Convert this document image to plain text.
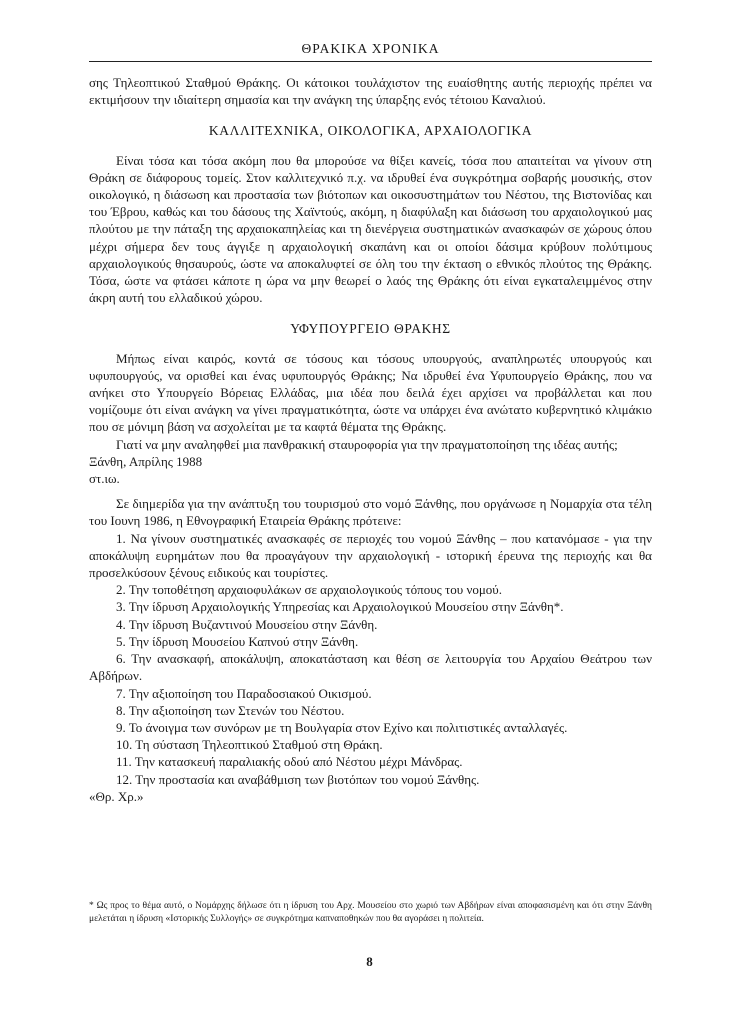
ΘΡΑΚΙΚΑ ΧΡΟΝΙΚΑ

σης Τηλεοπτικού Σταθμού Θράκης. Οι κάτοικοι τουλάχιστον της ευαίσθητης αυτής περιοχής πρέπει να εκτιμήσουν την ιδιαίτερη σημασία και την ανάγκη της ύπαρξης ενός τέτοιου Καναλιού.

ΚΑΛΛΙΤΕΧΝΙΚΑ, ΟΙΚΟΛΟΓΙΚΑ, ΑΡΧΑΙΟΛΟΓΙΚΑ

Είναι τόσα και τόσα ακόμη που θα μπορούσε να θίξει κανείς, τόσα που απαιτείται να γίνουν στη Θράκη σε διάφορους τομείς. Στον καλλιτεχνικό π.χ. να ιδρυθεί ένα συγκρότημα σοβαρής μουσικής, στον οικολογικό, η διάσωση και προστασία των βιότοπων και οικοσυστημάτων του Νέστου, της Βιστονίδας και του Έβρου, καθώς και του δάσους της Χαϊντούς, ακόμη, η διαφύλαξη και διάσωση του αρχαιολογικού μας πλούτου με την πάταξη της αρχαιοκαπηλείας και τη διενέργεια συστηματικών ανασκαφών σε χώρους όπου μέχρι σήμερα δεν τους άγγιξε η αρχαιολογική σκαπάνη και οι οποίοι δάσιμα κρύβουν πολύτιμους αρχαιολογικούς θησαυρούς, ώστε να αποκαλυφτεί σε όλη του την έκταση ο εθνικός πλούτος της Θράκης. Τόσα, ώστε να φτάσει κάποτε η ώρα να μην θεωρεί ο λαός της Θράκης ότι είναι εγκαταλειμμένος στην άκρη αυτή του ελλαδικού χώρου.

ΥΦΥΠΟΥΡΓΕΙΟ ΘΡΑΚΗΣ

Μήπως είναι καιρός, κοντά σε τόσους και τόσους υπουργούς, αναπληρωτές υπουργούς και υφυπουργούς, να ορισθεί και ένας υφυπουργός Θράκης; Να ιδρυθεί ένα Υφυπουργείο Θράκης, που να ανήκει στο Υπουργείο Βόρειας Ελλάδας, μια ιδέα που δειλά έχει αρχίσει να προβάλλεται και που νομίζουμε ότι είναι ανάγκη να γίνει πραγματικότητα, ώστε να υπάρχει ένα ανώτατο κυβερνητικό κλιμάκιο που σε μόνιμη βάση να ασχολείται με τα καφτά θέματα της Θράκης.

Γιατί να μην αναληφθεί μια πανθρακική σταυροφορία για την πραγματοποίηση της ιδέας αυτής;

Ξάνθη, Απρίλης 1988

στ.ιω.

Σε διημερίδα για την ανάπτυξη του τουρισμού στο νομό Ξάνθης, που οργάνωσε η Νομαρχία στα τέλη του Ιουνη 1986, η Εθνογραφική Εταιρεία Θράκης πρότεινε:

1. Να γίνουν συστηματικές ανασκαφές σε περιοχές του νομού Ξάνθης – που κατανόμασε - για την αποκάλυψη ευρημάτων που θα προαγάγουν την αρχαιολογική - ιστορική έρευνα της περιοχής και θα προσελκύσουν ξένους ειδικούς και τουρίστες.

2. Την τοποθέτηση αρχαιοφυλάκων σε αρχαιολογικούς τόπους του νομού.

3. Την ίδρυση Αρχαιολογικής Υπηρεσίας και Αρχαιολογικού Μουσείου στην Ξάνθη*.

4. Την ίδρυση Βυζαντινού Μουσείου στην Ξάνθη.

5. Την ίδρυση Μουσείου Καπνού στην Ξάνθη.

6. Την ανασκαφή, αποκάλυψη, αποκατάσταση και θέση σε λειτουργία του Αρχαίου Θεάτρου των Αβδήρων.

7. Την αξιοποίηση του Παραδοσιακού Οικισμού.

8. Την αξιοποίηση των Στενών του Νέστου.

9. Το άνοιγμα των συνόρων με τη Βουλγαρία στον Εχίνο και πολιτιστικές ανταλλαγές.

10. Τη σύσταση Τηλεοπτικού Σταθμού στη Θράκη.

11. Την κατασκευή παραλιακής οδού από Νέστου μέχρι Μάνδρας.

12. Την προστασία και αναβάθμιση των βιοτόπων του νομού Ξάνθης.

«Θρ. Χρ.»

* Ως προς το θέμα αυτό, ο Νομάρχης δήλωσε ότι η ίδρυση του Αρχ. Μουσείου στο χωριό των Αβδήρων είναι αποφασισμένη και ότι στην Ξάνθη μελετάται η ίδρυση «Ιστορικής Συλλογής» σε συγκρότημα καπναποθηκών που θα αγοράσει η πολιτεία.
8
